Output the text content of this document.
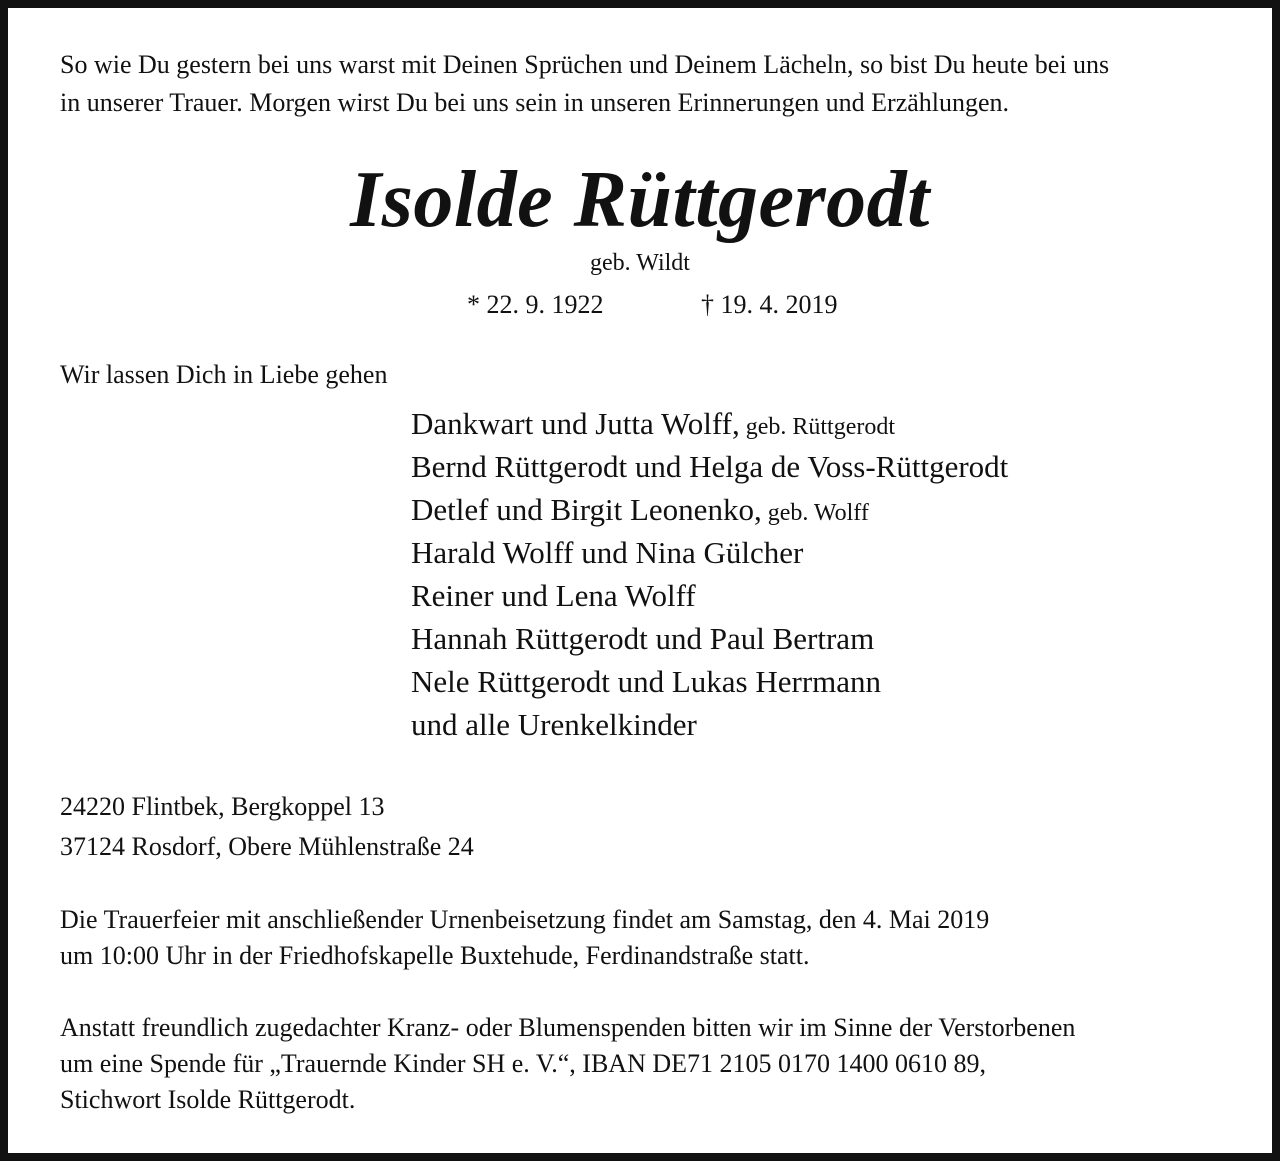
So wie Du gestern bei uns warst mit Deinen Sprüchen und Deinem Lächeln, so bist Du heute bei uns
in unserer Trauer. Morgen wirst Du bei uns sein in unseren Erinnerungen und Erzählungen.
Isolde Rüttgerodt
geb. Wildt
* 22. 9. 1922	† 19. 4. 2019
Wir lassen Dich in Liebe gehen
Dankwart und Jutta Wolff, geb. Rüttgerodt
Bernd Rüttgerodt und Helga de Voss-Rüttgerodt
Detlef und Birgit Leonenko, geb. Wolff
Harald Wolff und Nina Gülcher
Reiner und Lena Wolff
Hannah Rüttgerodt und Paul Bertram
Nele Rüttgerodt und Lukas Herrmann
und alle Urenkelkinder
24220 Flintbek, Bergkoppel 13
37124 Rosdorf, Obere Mühlenstraße 24
Die Trauerfeier mit anschließender Urnenbeisetzung findet am Samstag, den 4. Mai 2019
um 10:00 Uhr in der Friedhofskapelle Buxtehude, Ferdinandstraße statt.
Anstatt freundlich zugedachter Kranz- oder Blumenspenden bitten wir im Sinne der Verstorbenen
um eine Spende für „Trauernde Kinder SH e. V.“, IBAN DE71 2105 0170 1400 0610 89,
Stichwort Isolde Rüttgerodt.
